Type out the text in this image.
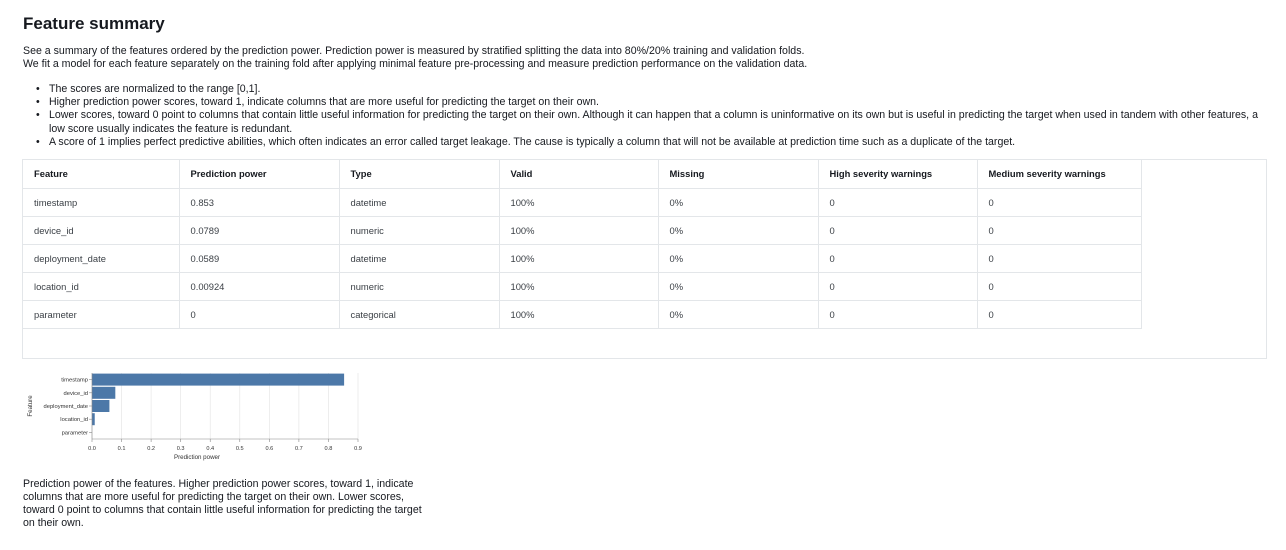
Feature summary
See a summary of the features ordered by the prediction power. Prediction power is measured by stratified splitting the data into 80%/20% training and validation folds.
We fit a model for each feature separately on the training fold after applying minimal feature pre-processing and measure prediction performance on the validation data.
• The scores are normalized to the range [0,1].
• Higher prediction power scores, toward 1, indicate columns that are more useful for predicting the target on their own.
• Lower scores, toward 0 point to columns that contain little useful information for predicting the target on their own. Although it can happen that a column is uninformative on its own but is useful in predicting the target when used in tandem with other features, a low score usually indicates the feature is redundant.
• A score of 1 implies perfect predictive abilities, which often indicates an error called target leakage. The cause is typically a column that will not be available at prediction time such as a duplicate of the target.
Feature	Prediction power	Type	Valid	Missing	High severity warnings	Medium severity warnings
timestamp	0.853	datetime	100%	0%	0	0
device_id	0.0789	numeric	100%	0%	0	0
deployment_date	0.0589	datetime	100%	0%	0	0
location_id	0.00924	numeric	100%	0%	0	0
parameter	0	categorical	100%	0%	0	0
0.0	0.1	0.2	0.3	0.4	0.5	0.6	0.7	0.8	0.9
timestamp
device_id
deployment_date
location_id
parameter
Prediction power
Feature
Prediction power of the features. Higher prediction power scores, toward 1, indicate columns that are more useful for predicting the target on their own. Lower scores, toward 0 point to columns that contain little useful information for predicting the target on their own.
